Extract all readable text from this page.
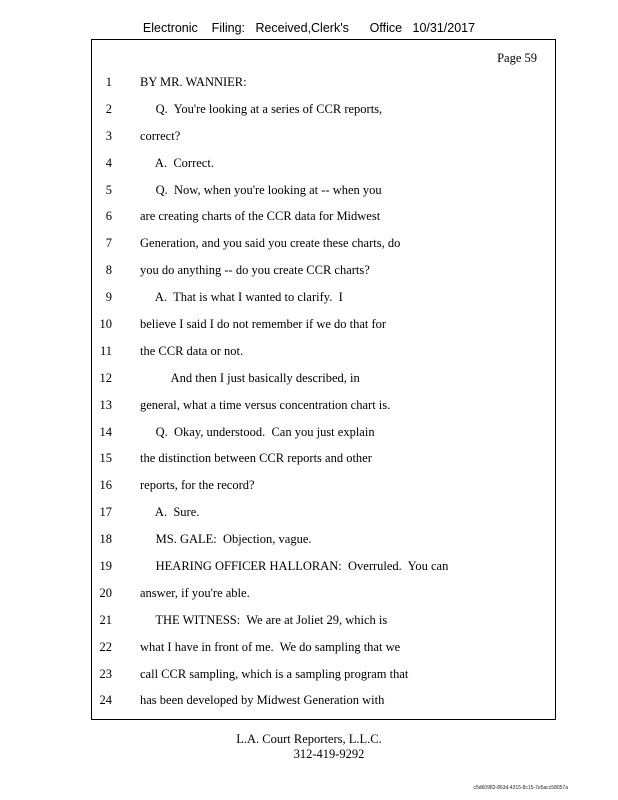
Electronic    Filing:   Received,Clerk's      Office   10/31/2017
Page 59
1 BY MR. WANNIER:
2 Q.  You're looking at a series of CCR reports,
3 correct?
4 A.  Correct.
5 Q.  Now, when you're looking at -- when you
6 are creating charts of the CCR data for Midwest
7 Generation, and you said you create these charts, do
8 you do anything -- do you create CCR charts?
9 A.  That is what I wanted to clarify.  I
10 believe I said I do not remember if we do that for
11 the CCR data or not.
12 And then I just basically described, in
13 general, what a time versus concentration chart is.
14 Q.  Okay, understood.  Can you just explain
15 the distinction between CCR reports and other
16 reports, for the record?
17 A.  Sure.
18 MS. GALE:  Objection, vague.
19 HEARING OFFICER HALLORAN:  Overruled.  You can
20 answer, if you're able.
21 THE WITNESS:  We are at Joliet 29, which is
22 what I have in front of me.  We do sampling that we
23 call CCR sampling, which is a sampling program that
24 has been developed by Midwest Generation with
L.A. Court Reporters, L.L.C.
312-419-9292
c5d60983-863d-4315-8c15-7e5acc58057a
